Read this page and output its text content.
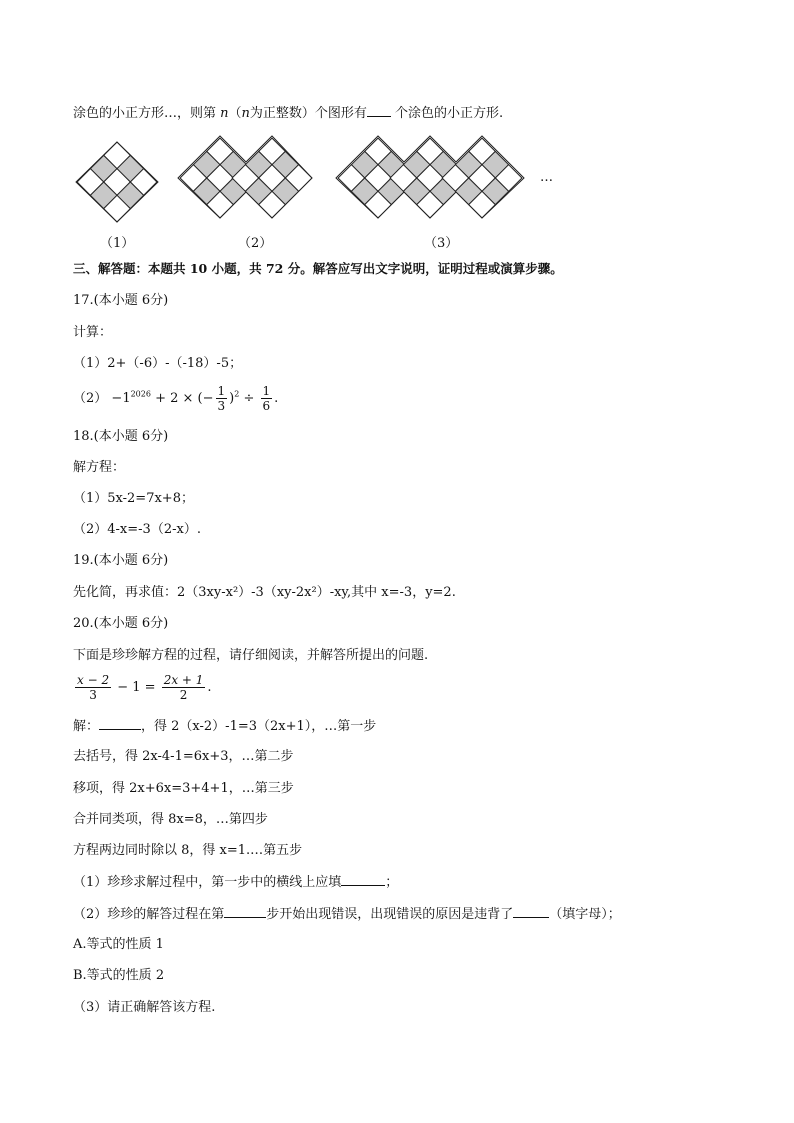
涂色的小正方形…，则第 n（n为正整数）个图形有 个涂色的小正方形.
…
（1）	（2）	（3）
三、解答题：本题共 10 小题，共 72 分。解答应写出文字说明，证明过程或演算步骤。
17.(本小题 6分)
计算：
（1）2+（-6）-（-18）-5；
$(2) -1^{2026} + 2$ × (− $\frac{1}{3} )^2 \div \frac{1}{6}$ .
18.(本小题 6分)
解方程：
（1）5x-2=7x+8；
（2）4-x=-3（2-x）.
19.(本小题 6分)
先化简，再求值：2（3xy-x²）-3（xy-2x²）-xy,其中 x=-3，y=2.
20.(本小题 6分)
下面是珍珍解方程的过程，请仔细阅读，并解答所提出的问题.
$\frac{x - 2}{3} - 1 = \frac{2x + 1}{2}$ .
解：	，得 2（x-2）-1=3（2x+1），…第一步
去括号，得 2x-4-1=6x+3，…第二步
移项，得 2x+6x=3+4+1，…第三步
合并同类项，得 8x=8，…第四步
方程两边同时除以 8，得 x=1.…第五步
（1）珍珍求解过程中，第一步中的横线上应填	；
（2）珍珍的解答过程在第	步开始出现错误，出现错误的原因是违背了	（填字母）；
A.等式的性质 1
B.等式的性质 2
（3）请正确解答该方程.
